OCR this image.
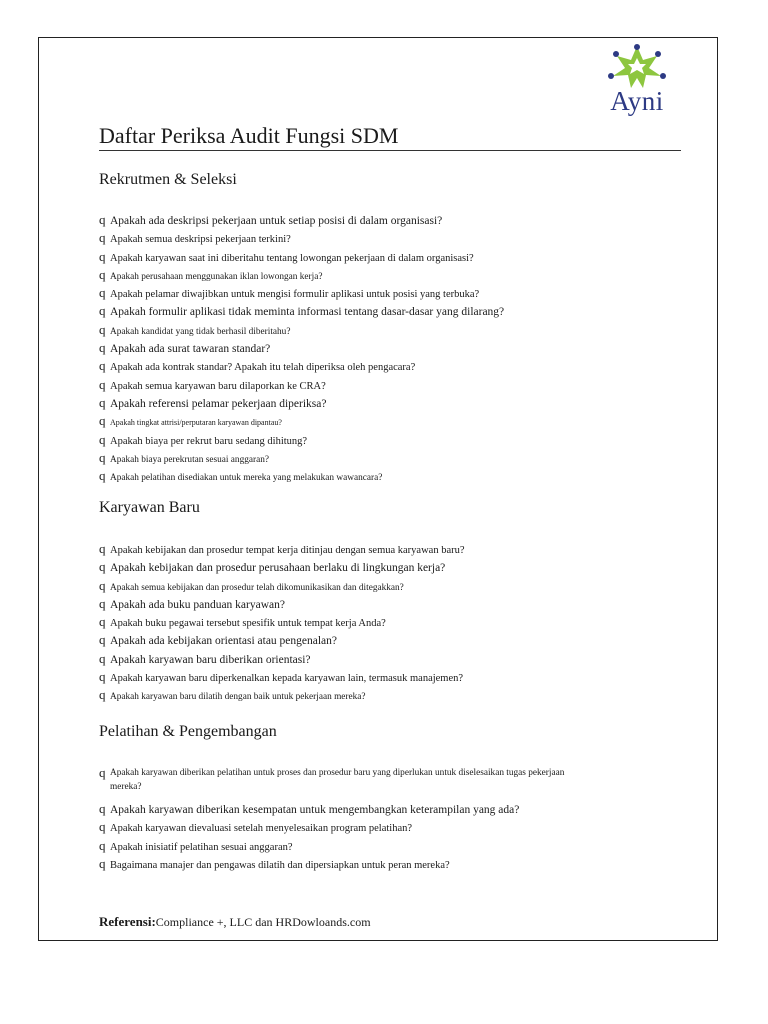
Ayni
Daftar Periksa Audit Fungsi SDM
Rekrutmen & Seleksi
q Apakah ada deskripsi pekerjaan untuk setiap posisi di dalam organisasi?
q Apakah semua deskripsi pekerjaan terkini?
q Apakah karyawan saat ini diberitahu tentang lowongan pekerjaan di dalam organisasi?
q Apakah perusahaan menggunakan iklan lowongan kerja?
q Apakah pelamar diwajibkan untuk mengisi formulir aplikasi untuk posisi yang terbuka?
q Apakah formulir aplikasi tidak meminta informasi tentang dasar-dasar yang dilarang?
q Apakah kandidat yang tidak berhasil diberitahu?
q Apakah ada surat tawaran standar?
q Apakah ada kontrak standar? Apakah itu telah diperiksa oleh pengacara?
q Apakah semua karyawan baru dilaporkan ke CRA?
q Apakah referensi pelamar pekerjaan diperiksa?
q Apakah tingkat attrisi/perputaran karyawan dipantau?
q Apakah biaya per rekrut baru sedang dihitung?
q Apakah biaya perekrutan sesuai anggaran?
q Apakah pelatihan disediakan untuk mereka yang melakukan wawancara?
Karyawan Baru
q Apakah kebijakan dan prosedur tempat kerja ditinjau dengan semua karyawan baru?
q Apakah kebijakan dan prosedur perusahaan berlaku di lingkungan kerja?
q Apakah semua kebijakan dan prosedur telah dikomunikasikan dan ditegakkan?
q Apakah ada buku panduan karyawan?
q Apakah buku pegawai tersebut spesifik untuk tempat kerja Anda?
q Apakah ada kebijakan orientasi atau pengenalan?
q Apakah karyawan baru diberikan orientasi?
q Apakah karyawan baru diperkenalkan kepada karyawan lain, termasuk manajemen?
q Apakah karyawan baru dilatih dengan baik untuk pekerjaan mereka?
Pelatihan & Pengembangan
q Apakah karyawan diberikan pelatihan untuk proses dan prosedur baru yang diperlukan untuk diselesaikan tugas pekerjaan mereka?
q Apakah karyawan diberikan kesempatan untuk mengembangkan keterampilan yang ada?
q Apakah karyawan dievaluasi setelah menyelesaikan program pelatihan?
q Apakah inisiatif pelatihan sesuai anggaran?
q Bagaimana manajer dan pengawas dilatih dan dipersiapkan untuk peran mereka?
Referensi:Compliance +, LLC dan HRDowloands.com
